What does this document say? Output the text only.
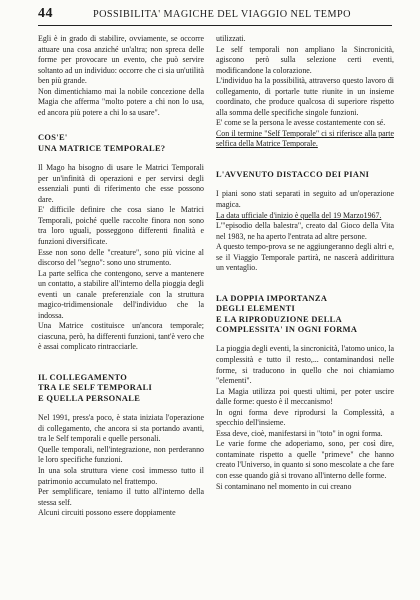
44	POSSIBILITA' MAGICHE DEL VIAGGIO NEL TEMPO

Egli è in grado di stabilire, ovviamente, se occorre attuare una cosa anziché un'altra; non spreca delle forme per provocare un evento, che può servire soltanto ad un individuo: occorre che ci sia un'utilità ben più grande.

Non dimentichiamo mai la nobile concezione della Magia che afferma "molto potere a chi non lo usa, ed ancora più potere a chi lo sa usare".

COS'E'
UNA MATRICE TEMPORALE?

Il Mago ha bisogno di usare le Matrici Temporali per un'infinità di operazioni e per servirsi degli essenziali punti di riferimento che esse possono dare.

E' difficile definire che cosa siano le Matrici Temporali, poiché quelle raccolte finora non sono tra loro uguali, posseggono differenti finalità e funzioni diversificate.

Esse non sono delle "creature", sono più vicine al discorso del "segno": sono uno strumento.

La parte selfica che contengono, serve a mantenere un contatto, a stabilire all'interno della pioggia degli eventi un canale preferenziale con la struttura magico-tridimensionale dell'individuo che la indossa.

Una Matrice costituisce un'ancora temporale; ciascuna, però, ha differenti funzioni, tant'è vero che è assai complicato rintracciarle.

IL COLLEGAMENTO
TRA LE SELF TEMPORALI
E QUELLA PERSONALE

Nel 1991, press'a poco, è stata iniziata l'operazione di collegamento, che ancora si sta portando avanti, tra le Self temporali e quelle personali.

Quelle temporali, nell'integrazione, non perderanno le loro specifiche funzioni.

In una sola struttura viene così immesso tutto il patrimonio accumulato nel frattempo.

Per semplificare, teniamo il tutto all'interno della stessa self.

Alcuni circuiti possono essere doppiamente

utilizzati.

Le self temporali non ampliano la Sincronicità, agiscono però sulla selezione certi eventi, modificandone la colorazione.

L'individuo ha la possibilità, attraverso questo lavoro di collegamento, di portarle tutte riunite in un insieme coordinato, che produce qualcosa di superiore rispetto alla somma delle specifiche singole funzioni.

E' come se la persona le avesse costantemente con sé.

Con il termine "Self Temporale" ci si riferisce alla parte selfica della Matrice Temporale.

L'AVVENUTO DISTACCO DEI PIANI

I piani sono stati separati in seguito ad un'operazione magica.

La data ufficiale d'inizio è quella del 19 Marzo1967.

L'"episodio della balestra", creato dal Gioco della Vita nel 1983, ne ha aperto l'entrata ad altre persone.

A questo tempo-prova se ne aggiungeranno degli altri e, se il Viaggio Temporale partirà, ne nascerà addirittura un ventaglio.

LA DOPPIA IMPORTANZA
DEGLI ELEMENTI
E LA RIPRODUZIONE DELLA
COMPLESSITA' IN OGNI FORMA

La pioggia degli eventi, la sincronicità, l'atomo unico, la complessità e tutto il resto,... contaminandosi nelle forme, si traducono in quello che noi chiamiamo "elementi".

La Magia utilizza poi questi ultimi, per poter uscire dalle forme: questo è il meccanismo!

In ogni forma deve riprodursi la Complessità, a specchio dell'insieme.

Essa deve, cioè, manifestarsi in "toto" in ogni forma.

Le varie forme che adoperiamo, sono, per così dire, contaminate rispetto a quelle "primeve" che hanno creato l'Universo, in quanto si sono mescolate a che fare con esse quando già si trovano all'interno delle forme.

Si contaminano nel momento in cui creano
